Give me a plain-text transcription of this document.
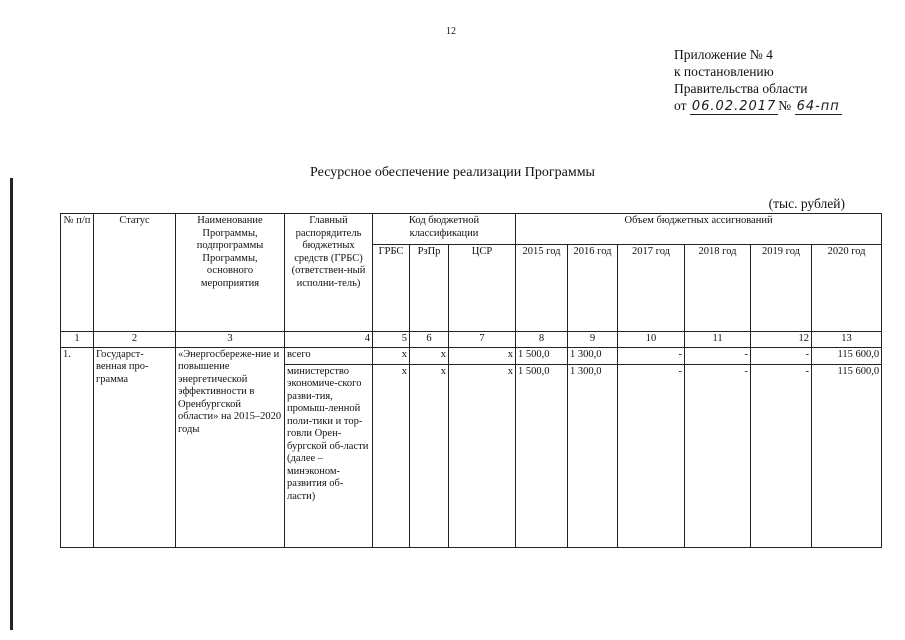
12
Приложение № 4
к постановлению
Правительства области
от 06.02.2017 № 64-пп
Ресурсное обеспечение реализации Программы
(тыс. рублей)
№ п/п	Статус	Наименование Программы, подпрограммы Программы, основного мероприятия	Главный распорядитель бюджетных средств (ГРБС) (ответствен-ный исполни-тель)	Код бюджетной классификации			Объем бюджетных ассигнований					
				ГРБС	РзПр	ЦСР	2015 год	2016 год	2017 год	2018 год	2019 год	2020 год
1	2	3	4	5	6	7	8	9	10	11	12	13
1.	Государст-венная про-грамма	«Энергосбереже-ние и повышение энергетической эффективности в Оренбургской области» на 2015–2020 годы	всего	х	х	х	1 500,0	1 300,0	-	-	-	115 600,0
			министерство экономиче-ского разви-тия, промыш-ленной поли-тики и тор-говли Орен-бургской об-ласти (далее – минэконом-развития об-ласти)	х	х	х	1 500,0	1 300,0	-	-	-	115 600,0
